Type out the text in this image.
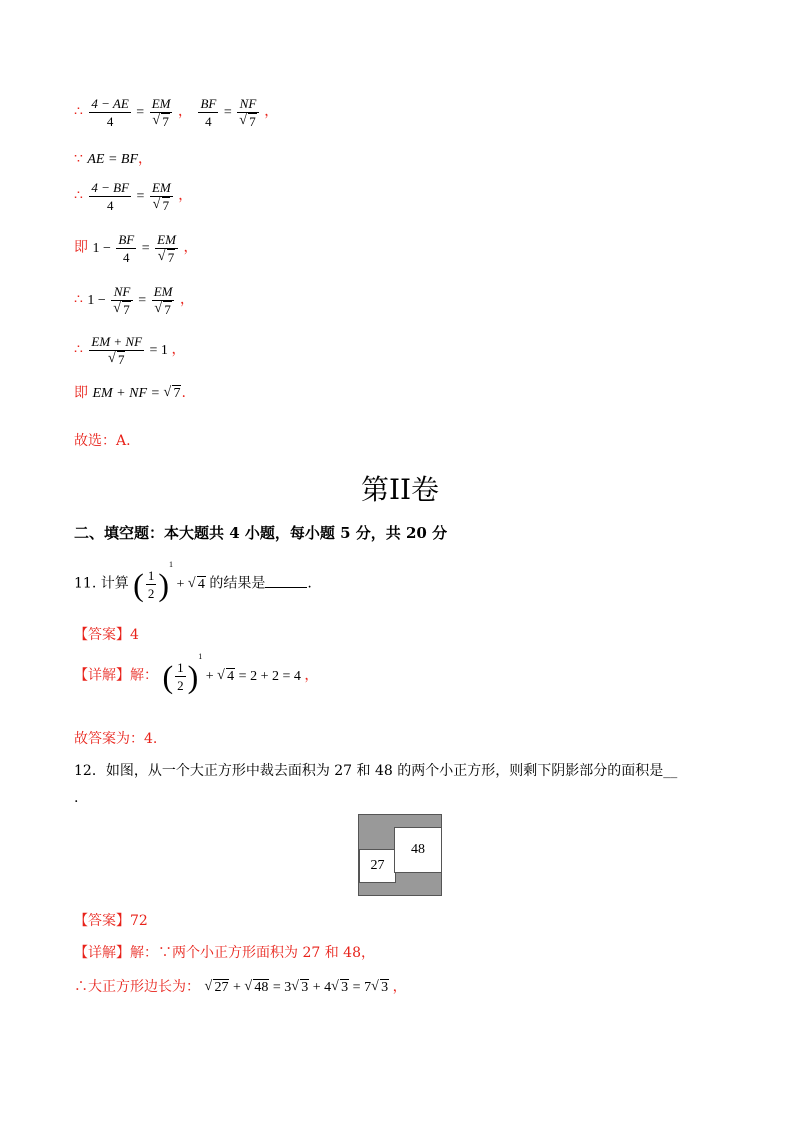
∴ $\frac{4 - AE}{4}$ = EM
√ 7 ， $\frac{BF}{4}$ = NF
√ 7 ，
∵ AE = BF，
∴ $\frac{4 - BF}{4}$ = EM
√ 7 ，
即 $1 - \frac{BF}{4}$ = EM
√ 7 ，
∴ 1 − NF
√ 7 = EM
√ 7 ，
∴ EM + NF
√ 7 = 1 ，
即 EM + NF = √ 7.
故选：A.
第II卷
二、填空题：本大题共 4 小题，每小题 5 分，共 20 分
11. 计算 ( $\frac{1}{2} )^1$ + √ 4 的结果是	.
【答案】4
【详解】解： ( $\frac{1}{2} )^1$ + √ 4 = 2 + 2 = 4 ，
故答案为：4.
12．如图，从一个大正方形中裁去面积为 27 和 48 的两个小正方形，则剩下阴影部分的面积是__
.
27
48
【答案】72
【详解】解：∵两个小正方形面积为 27 和 48，
∴大正方形边长为： √ 27 + √ 48 = 3 √ 3 + 4 √ 3 = 7 √ 3 ，
